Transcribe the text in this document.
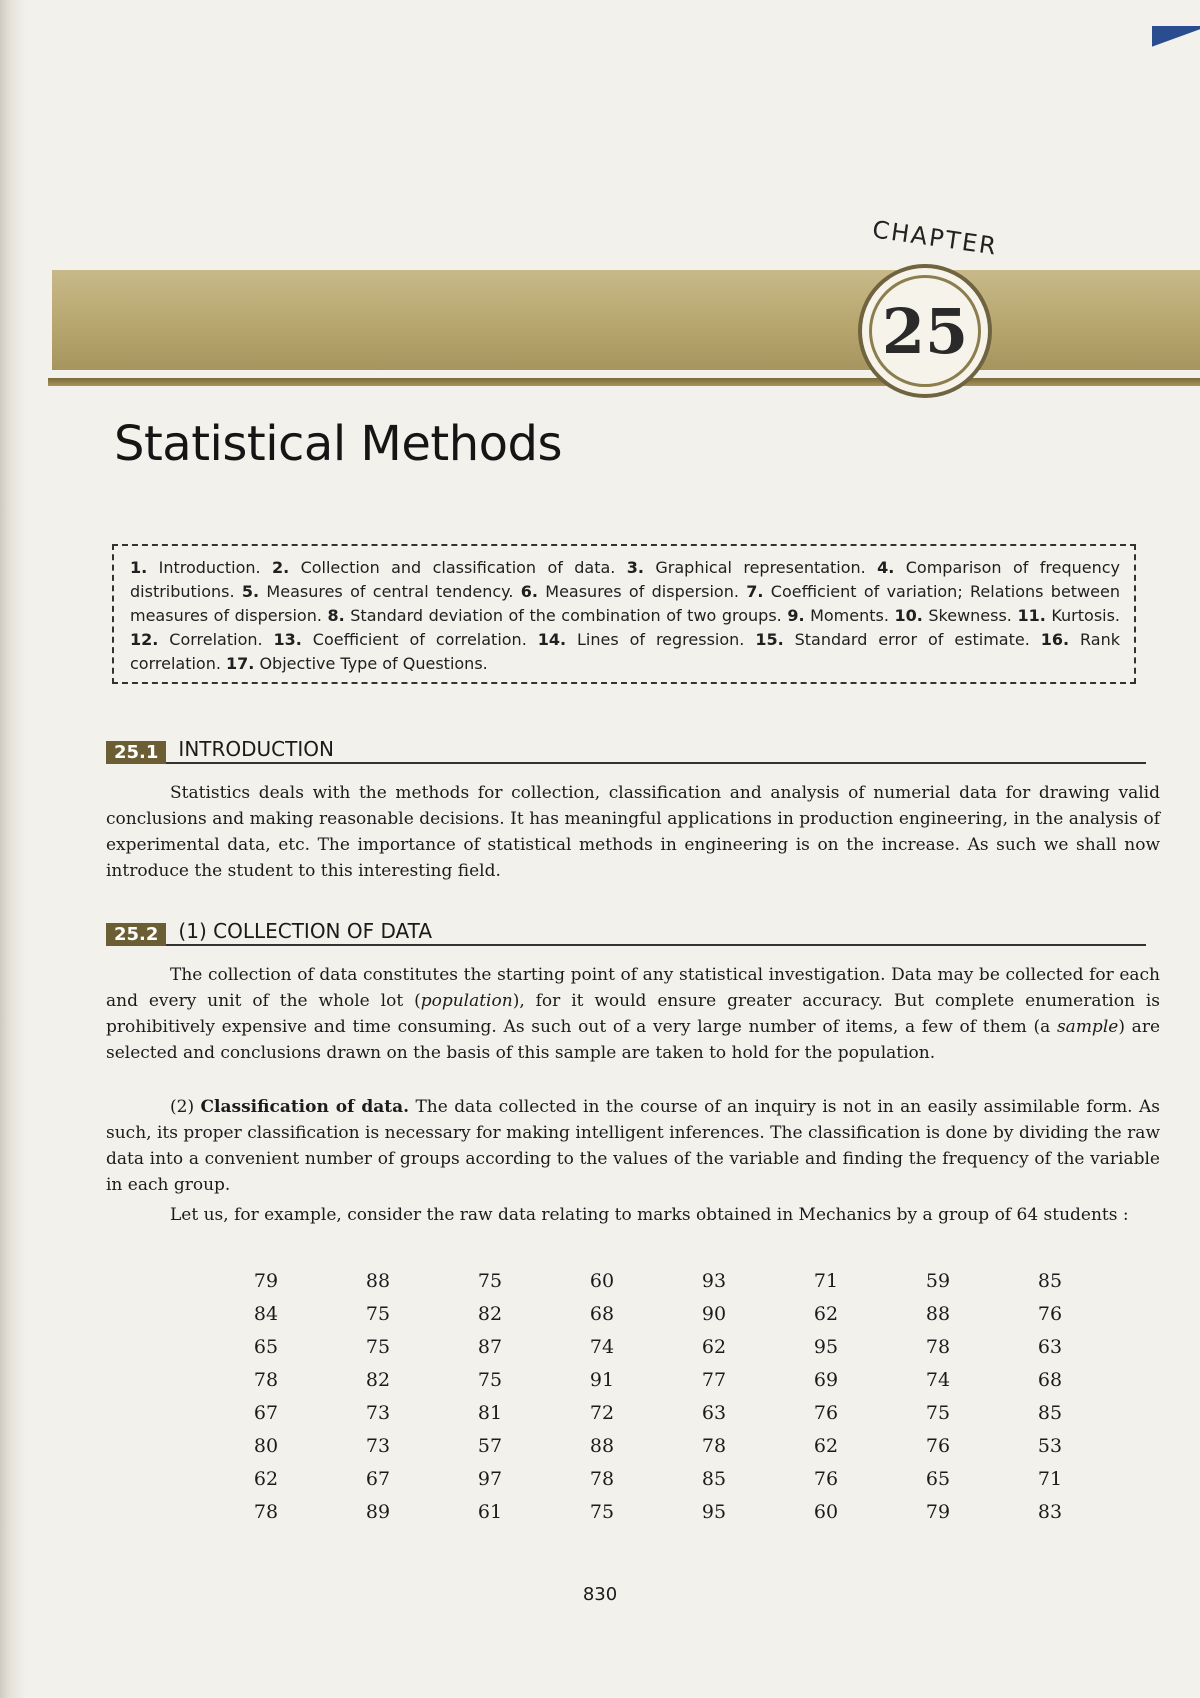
CHAPTER
25
Statistical Methods
1. Introduction. 2. Collection and classification of data. 3. Graphical representation. 4. Comparison of frequency distributions. 5. Measures of central tendency. 6. Measures of dispersion. 7. Coefficient of variation; Relations between measures of dispersion. 8. Standard deviation of the combination of two groups. 9. Moments. 10. Skewness. 11. Kurtosis. 12. Correlation. 13. Coefficient of correlation. 14. Lines of regression. 15. Standard error of estimate. 16. Rank correlation. 17. Objective Type of Questions.
25.1	INTRODUCTION

Statistics deals with the methods for collection, classification and analysis of numerial data for drawing valid conclusions and making reasonable decisions. It has meaningful applications in production engineering, in the analysis of experimental data, etc. The importance of statistical methods in engineering is on the increase. As such we shall now introduce the student to this interesting field.

25.2	(1) COLLECTION OF DATA

The collection of data constitutes the starting point of any statistical investigation. Data may be collected for each and every unit of the whole lot (population), for it would ensure greater accuracy. But complete enumeration is prohibitively expensive and time consuming. As such out of a very large number of items, a few of them (a sample) are selected and conclusions drawn on the basis of this sample are taken to hold for the population.

(2) Classification of data. The data collected in the course of an inquiry is not in an easily assimilable form. As such, its proper classification is necessary for making intelligent inferences. The classification is done by dividing the raw data into a convenient number of groups according to the values of the variable and finding the frequency of the variable in each group.

Let us, for example, consider the raw data relating to marks obtained in Mechanics by a group of 64 students :

79	88	75	60	93	71	59	85
84	75	82	68	90	62	88	76
65	75	87	74	62	95	78	63
78	82	75	91	77	69	74	68
67	73	81	72	63	76	75	85
80	73	57	88	78	62	76	53
62	67	97	78	85	76	65	71
78	89	61	75	95	60	79	83
830
